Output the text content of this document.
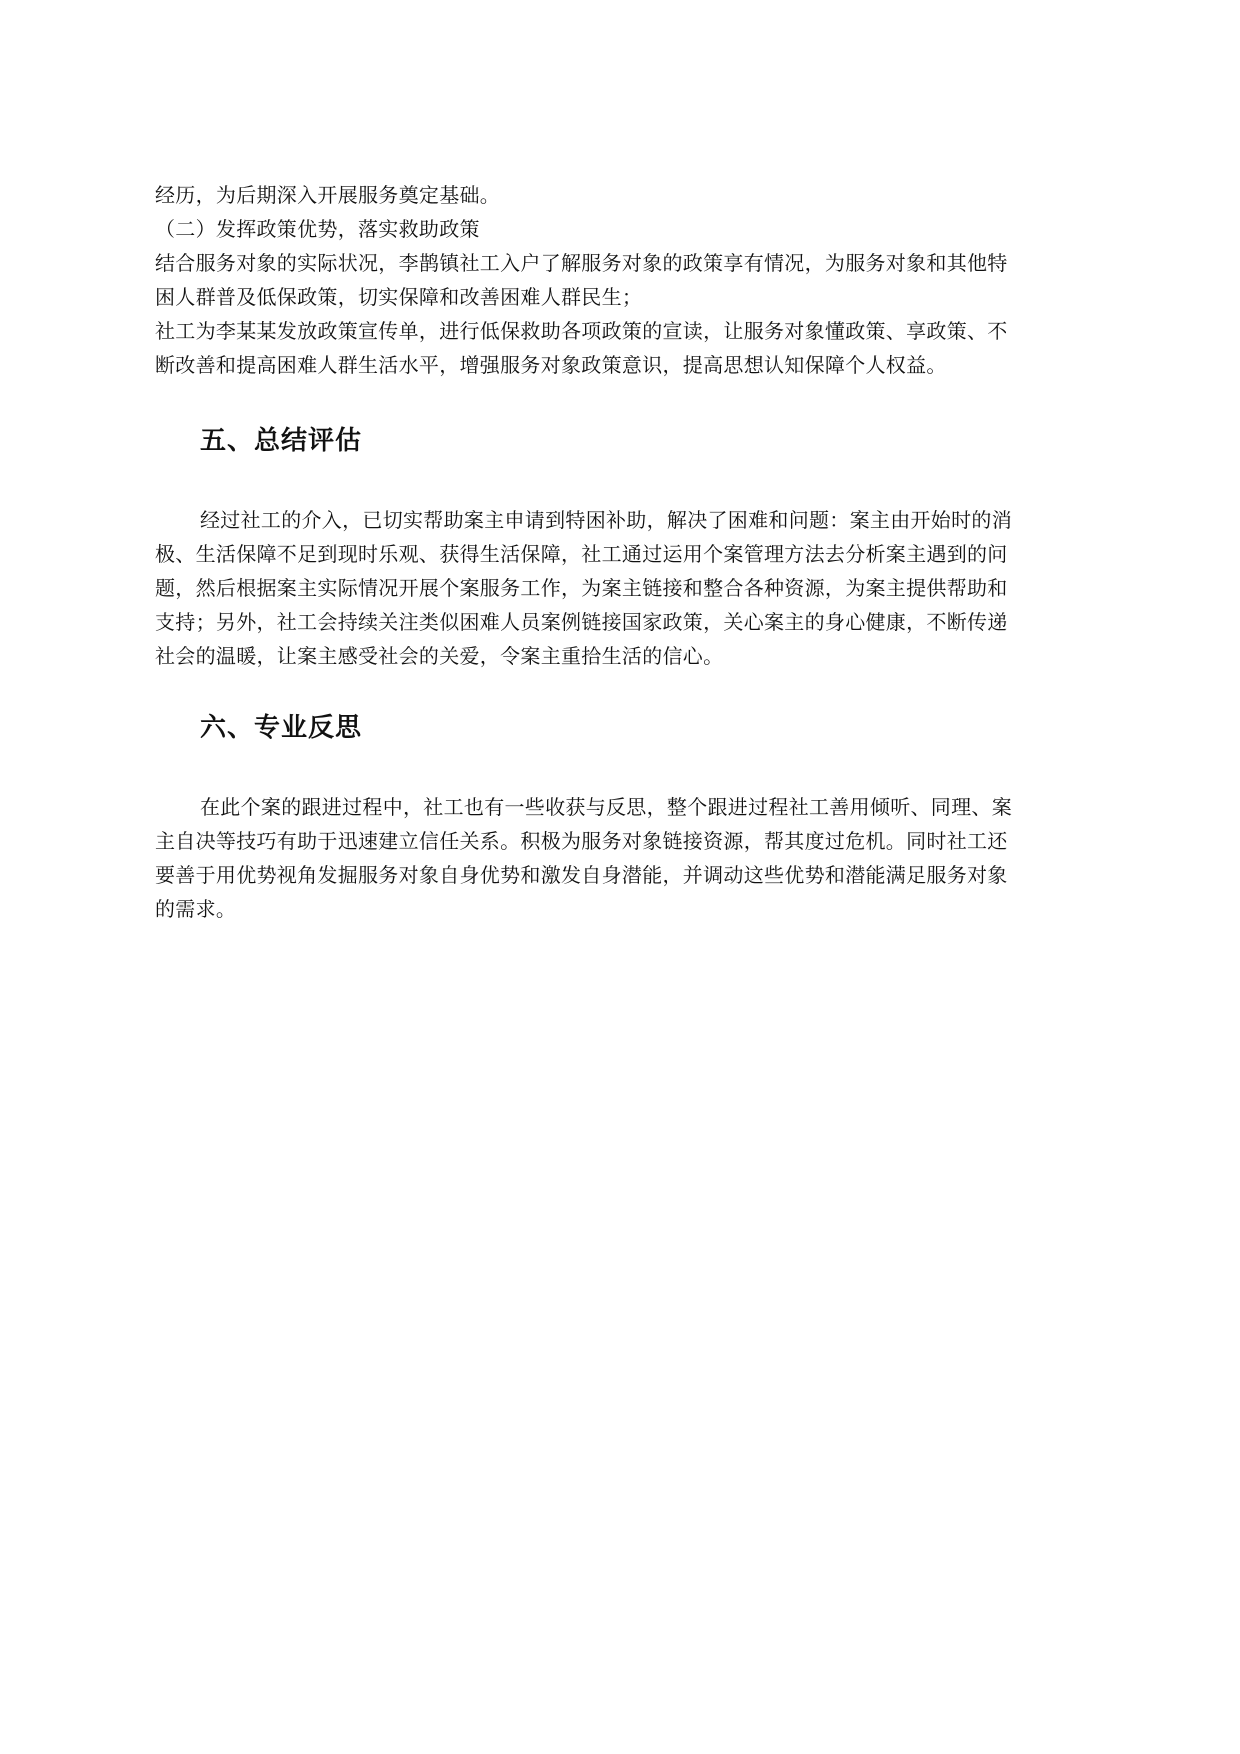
经历，为后期深入开展服务奠定基础。
（二）发挥政策优势，落实救助政策
结合服务对象的实际状况，李鹊镇社工入户了解服务对象的政策享有情况，为服务对象和其他特
困人群普及低保政策，切实保障和改善困难人群民生；
社工为李某某发放政策宣传单，进行低保救助各项政策的宣读，让服务对象懂政策、享政策、不
断改善和提高困难人群生活水平，增强服务对象政策意识，提高思想认知保障个人权益。
五、总结评估
经过社工的介入，已切实帮助案主申请到特困补助，解决了困难和问题：案主由开始时的消
极、生活保障不足到现时乐观、获得生活保障，社工通过运用个案管理方法去分析案主遇到的问
题，然后根据案主实际情况开展个案服务工作，为案主链接和整合各种资源，为案主提供帮助和
支持；另外，社工会持续关注类似困难人员案例链接国家政策，关心案主的身心健康，不断传递
社会的温暖，让案主感受社会的关爱，令案主重拾生活的信心。
六、专业反思
在此个案的跟进过程中，社工也有一些收获与反思，整个跟进过程社工善用倾听、同理、案
主自决等技巧有助于迅速建立信任关系。积极为服务对象链接资源，帮其度过危机。同时社工还
要善于用优势视角发掘服务对象自身优势和激发自身潜能，并调动这些优势和潜能满足服务对象
的需求。
